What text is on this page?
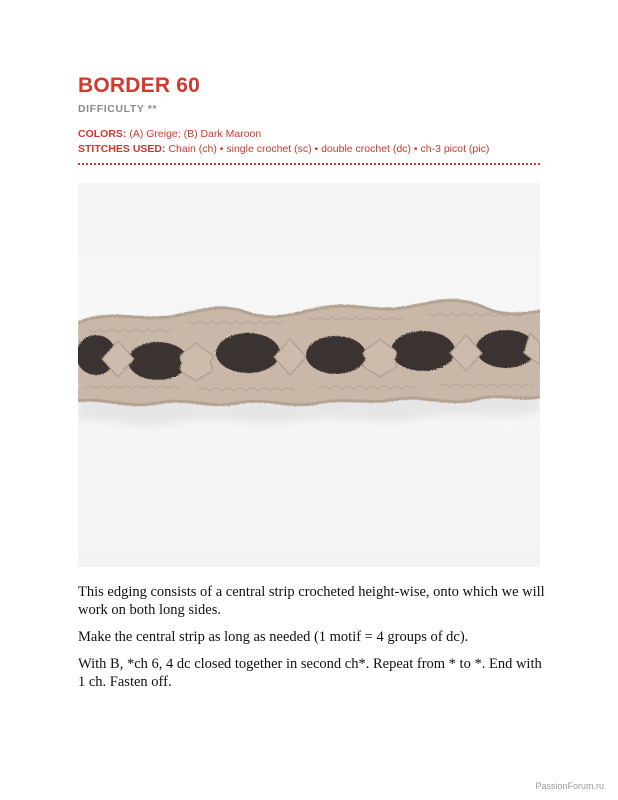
BORDER 60
DIFFICULTY **
COLORS: (A) Greige; (B) Dark Maroon
STITCHES USED: Chain (ch) • single crochet (sc) • double crochet (dc) • ch-3 picot (pic)

This edging consists of a central strip crocheted height-wise, onto which we will work on both long sides.

Make the central strip as long as needed (1 motif = 4 groups of dc).

With B, *ch 6, 4 dc closed together in second ch*. Repeat from * to *. End with 1 ch. Fasten off.

PassionForum.ru
